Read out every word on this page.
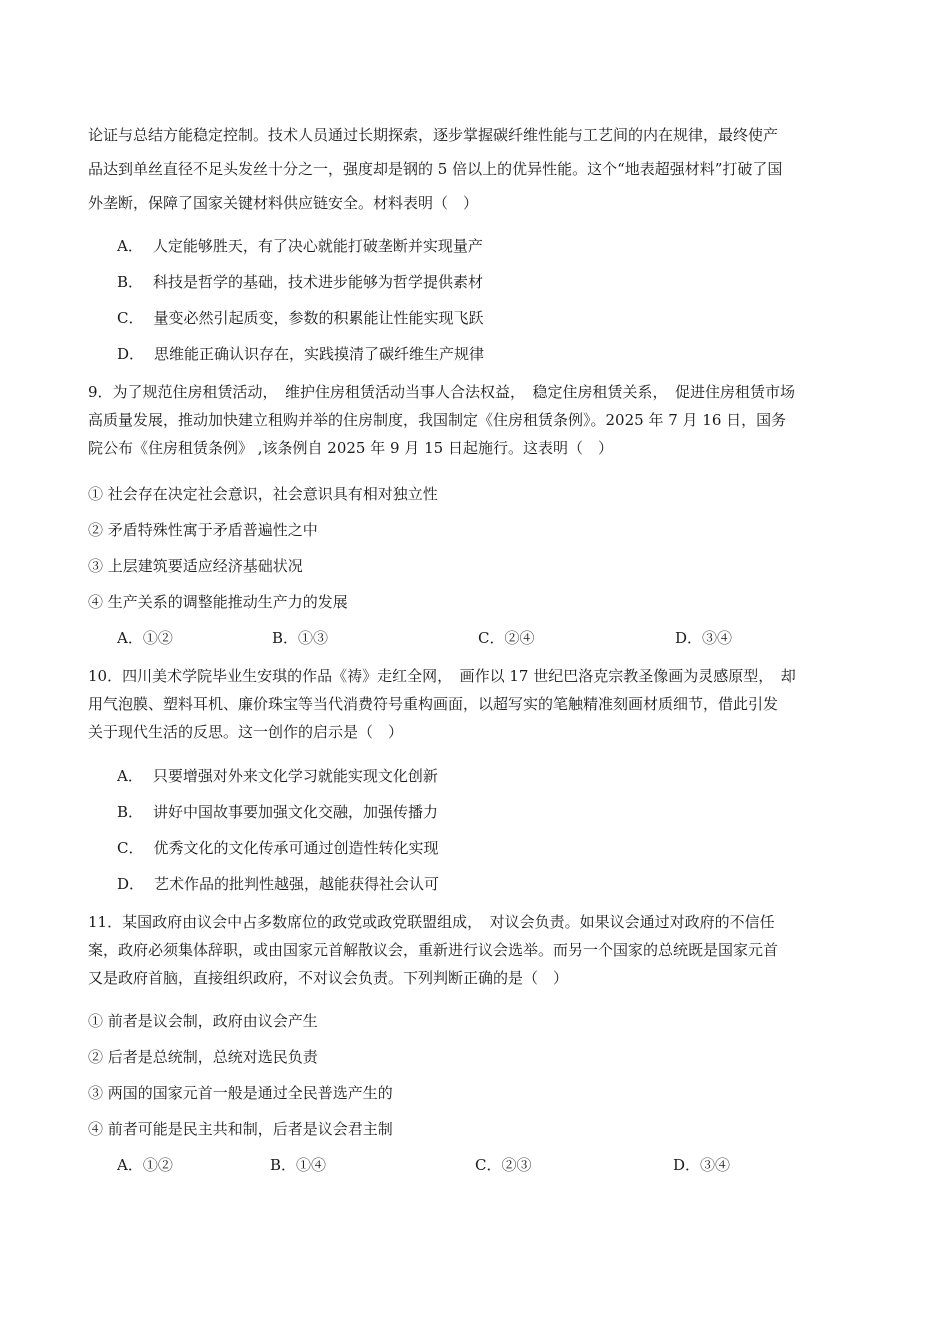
论证与总结方能稳定控制。技术人员通过长期探索，逐步掌握碳纤维性能与工艺间的内在规律，最终使产
品达到单丝直径不足头发丝十分之一，强度却是钢的 5 倍以上的优异性能。这个“地表超强材料”打破了国
外垄断，保障了国家关键材料供应链安全。材料表明（　）
A． 人定能够胜天，有了决心就能打破垄断并实现量产
B． 科技是哲学的基础，技术进步能够为哲学提供素材
C． 量变必然引起质变，参数的积累能让性能实现飞跃
D． 思维能正确认识存在，实践摸清了碳纤维生产规律
9．为了规范住房租赁活动，　维护住房租赁活动当事人合法权益，　稳定住房租赁关系，　促进住房租赁市场
高质量发展，推动加快建立租购并举的住房制度，我国制定《住房租赁条例》。2025 年 7 月 16 日，国务
院公布《住房租赁条例》 ,该条例自 2025 年 9 月 15 日起施行。这表明（　）
① 社会存在决定社会意识，社会意识具有相对独立性
② 矛盾特殊性寓于矛盾普遍性之中
③ 上层建筑要适应经济基础状况
④ 生产关系的调整能推动生产力的发展
A．①②	B．①③	C．②④	D．③④
10．四川美术学院毕业生安琪的作品《祷》走红全网，　画作以 17 世纪巴洛克宗教圣像画为灵感原型，　却
用气泡膜、塑料耳机、廉价珠宝等当代消费符号重构画面，以超写实的笔触精准刻画材质细节，借此引发
关于现代生活的反思。这一创作的启示是（　）
A． 只要增强对外来文化学习就能实现文化创新
B． 讲好中国故事要加强文化交融，加强传播力
C． 优秀文化的文化传承可通过创造性转化实现
D． 艺术作品的批判性越强，越能获得社会认可
11．某国政府由议会中占多数席位的政党或政党联盟组成，　对议会负责。如果议会通过对政府的不信任
案，政府必须集体辞职，或由国家元首解散议会，重新进行议会选举。而另一个国家的总统既是国家元首
又是政府首脑，直接组织政府，不对议会负责。下列判断正确的是（　）
① 前者是议会制，政府由议会产生
② 后者是总统制，总统对选民负责
③ 两国的国家元首一般是通过全民普选产生的
④ 前者可能是民主共和制，后者是议会君主制
A．①②	B．①④	C．②③	D．③④
